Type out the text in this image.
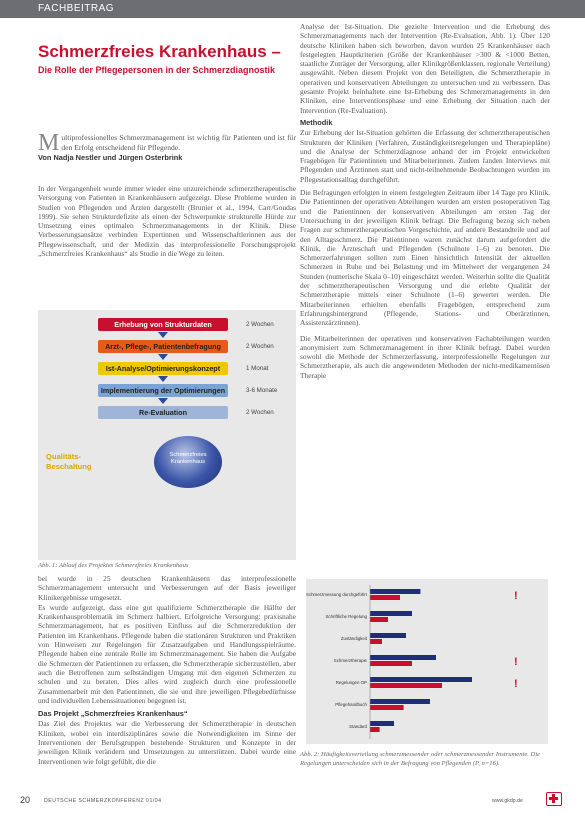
FACHBEITRAG
Schmerzfreies Krankenhaus –
Die Rolle der Pflegepersonen in der Schmerzdiagnostik
M ultiprofessionelles Schmerzmanagement ist wichtig für Patienten und ist für den Erfolg entscheidend für Pflegende.
Von Nadja Nestler und Jürgen Osterbrink

In der Vergangenheit wurde immer wieder eine unzureichende schmerztherapeutische Versorgung von Patienten in Krankenhäusern aufgezeigt. Diese Probleme wurden in Studien von Pflegenden und Ärzten dargestellt (Brunier et al., 1994, Carr/Goudas 1999). Sie sehen Strukturdefizite als einen der Schwerpunkte strukturelle Hürde zur Umsetzung eines optimalen Schmerzmanagements in der Klinik. Diese Verbesserungsansätze verbinden Expertinnen und Wissenschaftlerinnen aus der Pflegewissenschaft, und der Medizin das interprofessionelle Forschungsprojekt „Schmerzfreies Krankenhaus“ als Studie in die Wege zu leiten.

Erhebung von Strukturdaten	2 Wochen
Arzt-, Pflege-, Patientenbefragung	2 Wochen
Ist-Analyse/Optimierungskonzept	1 Monat
Implementierung der Optimierungen	3-6 Monate
Re-Evaluation	2 Wochen
Qualitäts-
Beschaltung
Schmerzfreies Krankenhaus
Abb. 1: Ablauf des Projektes Schmerzfreies Krankenhaus

bei wurde in 25 deutschen Krankenhäusern das interprofessionelle Schmerzmanagement untersucht und Verbesserungen auf der Basis jeweiliger Klinikergebnisse umgesetzt.

Es wurde aufgezeigt, dass eine gut qualifizierte Schmerztherapie die Hälfte der Krankenhausproblematik im Schmerz halbiert. Erfolgreiche Versorgung: praxisnahe Schmerzmanagement, hat es positiven Einfluss auf die Schmerzreduktion der Patienten im Krankenhaus. Pflegende haben die stationären Strukturen und Praktiken von Hinweisen zur Regelungen für Zusatzaufgaben und Handlungsspielräume. Pflegende haben eine zentrale Rolle im Schmerzmanagement. Sie haben die Aufgabe die Schmerzen der Patientinnen zu erfassen, die Schmerztherapie sicherzustellen, aber auch die Betroffenen zum selbständigen Umgang mit den eigenen Schmerzen zu schulen und zu beraten. Dies alles wird zugleich durch eine professionelle Zusammenarbeit mit den Patientinnen, die sie und ihre jeweiligen Pflegebedürfnisse und individuellen Lebenssituationen begegnen ist.

Das Projekt „Schmerzfreies Krankenhaus“

Das Ziel des Projektes war die Verbesserung der Schmerztherapie in deutschen Kliniken, wobei ein interdisziplinäres sowie die Notwendigkeiten im Sinne der Interventionen der Berufsgruppen bestehende Strukturen und Konzepte in der jeweiligen Klinik verändern und Umsetzungen zu unterstützen. Dabei wurde eine Interventionen wie folgt gefühlt, die die

Analyse der Ist-Situation. Die gezielte Intervention und die Erhebung des Schmerzmanagements nach der Intervention (Re-Evaluation, Abb. 1). Über 120 deutsche Kliniken haben sich beworben, davon wurden 25 Krankenhäuser nach festgelegten Hauptkriterien (Größe der Krankenhäuser >300 & <1000 Betten, staatliche Zuträger der Versorgung, aller Klinikgrößenklassen, regionale Verteilung) ausgewählt. Neben diesem Projekt von den Beteiligten, die Schmerztherapie in operativen und konservativen Abteilungen zu untersuchen und zu verbessern. Das gesamte Projekt beinhaltete eine Ist-Erhebung des Schmerzmanagements in den Kliniken, eine Interventionsphase und eine Erhebung der Situation nach der Intervention (Re-Evaluation).

Methodik

Zur Erhebung der Ist-Situation gehörten die Erfassung der schmerztherapeutischen Strukturen der Kliniken (Verfahren, Zuständigkeitsregelungen und Therapiepläne) und die Analyse der Schmerzdiagnose anhand der im Projekt entwickelten Fragebögen für Patientinnen und Mitarbeiterinnen. Zudem fanden Interviews mit Pflegenden und Ärztinnen statt und nicht-teilnehmende Beobachtungen wurden im Pflegestationsalltag durchgeführt.

Die Befragungen erfolgten in einem festgelegten Zeitraum über 14 Tage pro Klinik. Die Patientinnen der operativen Abteilungen wurden am ersten postoperativen Tag und die Patientinnen der konservativen Abteilungen am ersten Tag der Untersuchung in der jeweiligen Klinik befragt. Die Befragung bezog sich neben Fragen zur schmerztherapeutischen Vorgeschichte, auf andere Bestandteile und auf den Alltagsschmerz. Die Patientinnen waren zunächst darum aufgefordert die Klinik, die Ärzteschaft und Pflegenden (Schulnote 1–6) zu benoten. Die Schmerzerfahrungen sollten zum Einen hinsichtlich Intensität der aktuellen Schmerzen in Ruhe und bei Belastung und im Mittelwert der vergangenen 24 Stunden (numerische Skala 0–10) eingeschätzt werden. Weiterhin sollte die Qualität der schmerztherapeutischen Versorgung und die erlebte Qualität der Schmerztherapie mittels einer Schulnote (1–6) gewertet werden. Die Mitarbeiterinnen erhielten ebenfalls Fragebögen, entsprechend zum Erfahrungshintergrund (Pflegende, Stations- und Oberärztinnen, Assistenzärztinnen).

Die Mitarbeiterinnen der operativen und konservativen Fachabteilungen wurden anonymisiert zum Schmerzmanagement in ihrer Klinik befragt. Dabei wurden sowohl die Methode der Schmerzerfassung, interprofessionelle Regelungen zur Schmerztherapie, als auch die angewendeten Methoden der nicht-medikamentösen Therapie

Schmerzmessung durchgeführt	!
Schriftliche Regelung
Zuständigkeit
Schmerztherapie	!
Regelungen OP	!
Pflegehandbuch
Standard
Abb. 2: Häufigkeitsverteilung schmerzmessender oder schmerzmessender Instrumente. Die Regelungen unterscheiden sich in der Befragung von Pflegenden (P, n=16).
20	DEUTSCHE SCHMERZKONFERENZ 01/04	www.gkdp.de
